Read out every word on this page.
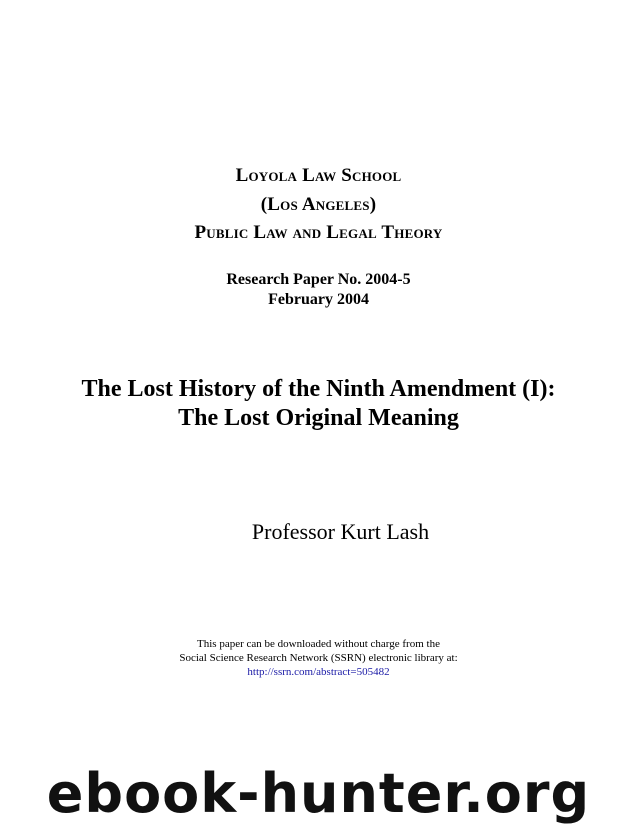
Loyola Law School
(Los Angeles)
Public Law and Legal Theory
Research Paper No. 2004-5
February 2004
The Lost History of the Ninth Amendment (I):
The Lost Original Meaning
Professor Kurt Lash
This paper can be downloaded without charge from the
Social Science Research Network (SSRN) electronic library at:
http://ssrn.com/abstract=505482
ebook-hunter.org
